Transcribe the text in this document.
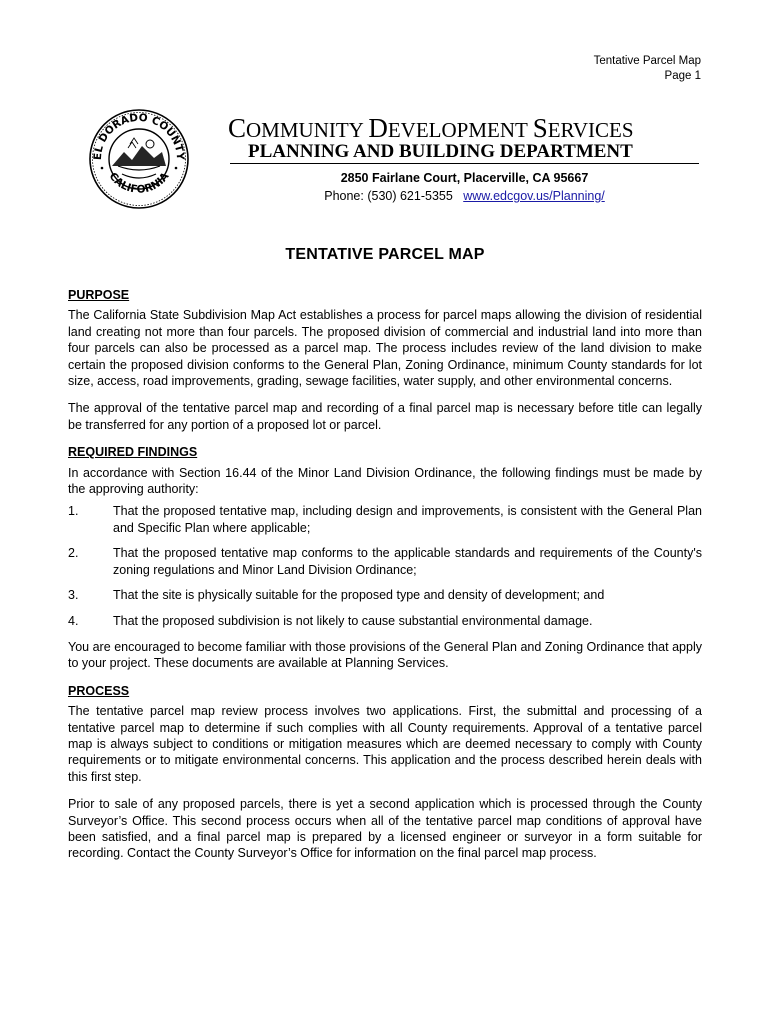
Tentative Parcel Map
Page 1
EL DORADO COUNTY
CALIFORNIA
COMMUNITY DEVELOPMENT SERVICES
PLANNING AND BUILDING DEPARTMENT
2850 Fairlane Court, Placerville, CA 95667
Phone: (530) 621-5355 www.edcgov.us/Planning/
TENTATIVE PARCEL MAP
PURPOSE
The California State Subdivision Map Act establishes a process for parcel maps allowing the division of residential land creating not more than four parcels. The proposed division of commercial and industrial land into more than four parcels can also be processed as a parcel map. The process includes review of the land division to make certain the proposed division conforms to the General Plan, Zoning Ordinance, minimum County standards for lot size, access, road improvements, grading, sewage facilities, water supply, and other environmental concerns.
The approval of the tentative parcel map and recording of a final parcel map is necessary before title can legally be transferred for any portion of a proposed lot or parcel.
REQUIRED FINDINGS
In accordance with Section 16.44 of the Minor Land Division Ordinance, the following findings must be made by the approving authority:
1.	That the proposed tentative map, including design and improvements, is consistent with the General Plan and Specific Plan where applicable;
2.	That the proposed tentative map conforms to the applicable standards and requirements of the County's zoning regulations and Minor Land Division Ordinance;
3.	That the site is physically suitable for the proposed type and density of development; and
4.	That the proposed subdivision is not likely to cause substantial environmental damage.
You are encouraged to become familiar with those provisions of the General Plan and Zoning Ordinance that apply to your project. These documents are available at Planning Services.
PROCESS
The tentative parcel map review process involves two applications. First, the submittal and processing of a tentative parcel map to determine if such complies with all County requirements. Approval of a tentative parcel map is always subject to conditions or mitigation measures which are deemed necessary to comply with County requirements or to mitigate environmental concerns. This application and the process described herein deals with this first step.
Prior to sale of any proposed parcels, there is yet a second application which is processed through the County Surveyor’s Office. This second process occurs when all of the tentative parcel map conditions of approval have been satisfied, and a final parcel map is prepared by a licensed engineer or surveyor in a form suitable for recording. Contact the County Surveyor’s Office for information on the final parcel map process.
